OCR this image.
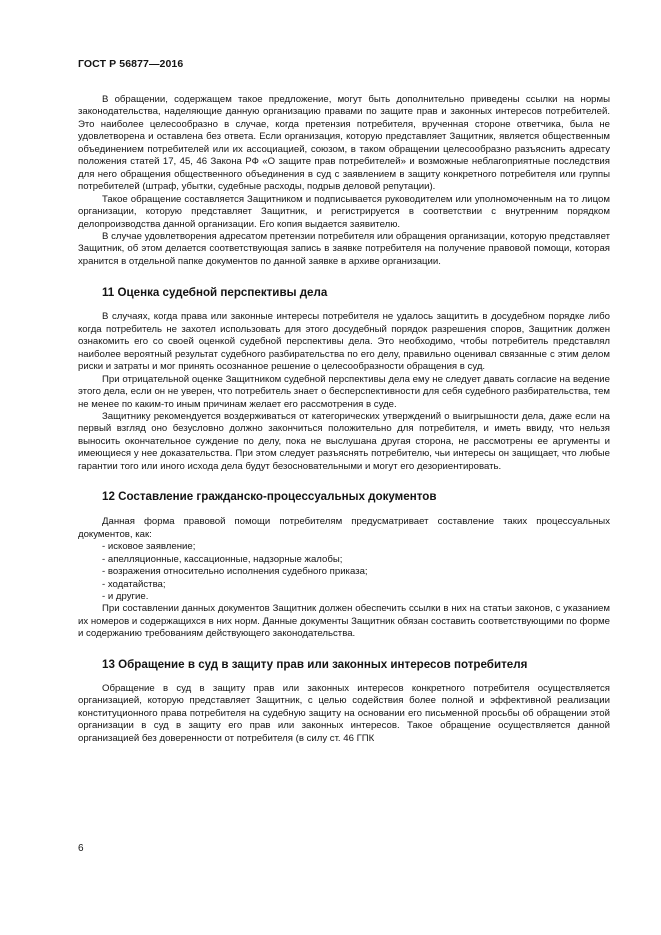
ГОСТ Р 56877—2016

В обращении, содержащем такое предложение, могут быть дополнительно приведены ссылки на нормы законодательства, наделяющие данную организацию правами по защите прав и законных интересов потребителей. Это наиболее целесообразно в случае, когда претензия потребителя, врученная стороне ответчика, была не удовлетворена и оставлена без ответа. Если организация, которую представляет Защитник, является общественным объединением потребителей или их ассоциацией, союзом, в таком обращении целесообразно разъяснить адресату положения статей 17, 45, 46 Закона РФ «О защите прав потребителей» и возможные неблагоприятные последствия для него обращения общественного объединения в суд с заявлением в защиту конкретного потребителя или группы потребителей (штраф, убытки, судебные расходы, подрыв деловой репутации).

Такое обращение составляется Защитником и подписывается руководителем или уполномоченным на то лицом организации, которую представляет Защитник, и регистрируется в соответствии с внутренним порядком делопроизводства данной организации. Его копия выдается заявителю.

В случае удовлетворения адресатом претензии потребителя или обращения организации, которую представляет Защитник, об этом делается соответствующая запись в заявке потребителя на получение правовой помощи, которая хранится в отдельной папке документов по данной заявке в архиве организации.

11 Оценка судебной перспективы дела

В случаях, когда права или законные интересы потребителя не удалось защитить в досудебном порядке либо когда потребитель не захотел использовать для этого досудебный порядок разрешения споров, Защитник должен ознакомить его со своей оценкой судебной перспективы дела. Это необходимо, чтобы потребитель представлял наиболее вероятный результат судебного разбирательства по его делу, правильно оценивал связанные с этим делом риски и затраты и мог принять осознанное решение о целесообразности обращения в суд.

При отрицательной оценке Защитником судебной перспективы дела ему не следует давать согласие на ведение этого дела, если он не уверен, что потребитель знает о бесперспективности для себя судебного разбирательства, тем не менее по каким-то иным причинам желает его рассмотрения в суде.

Защитнику рекомендуется воздерживаться от категорических утверждений о выигрышности дела, даже если на первый взгляд оно безусловно должно закончиться положительно для потребителя, и иметь ввиду, что нельзя выносить окончательное суждение по делу, пока не выслушана другая сторона, не рассмотрены ее аргументы и имеющиеся у нее доказательства. При этом следует разъяснять потребителю, чьи интересы он защищает, что любые гарантии того или иного исхода дела будут безосновательными и могут его дезориентировать.

12 Составление гражданско-процессуальных документов

Данная форма правовой помощи потребителям предусматривает составление таких процессуальных документов, как:

- исковое заявление;
- апелляционные, кассационные, надзорные жалобы;
- возражения относительно исполнения судебного приказа;
- ходатайства;
- и другие.

При составлении данных документов Защитник должен обеспечить ссылки в них на статьи законов, с указанием их номеров и содержащихся в них норм. Данные документы Защитник обязан составить соответствующими по форме и содержанию требованиям действующего законодательства.

13 Обращение в суд в защиту прав или законных интересов потребителя

Обращение в суд в защиту прав или законных интересов конкретного потребителя осуществляется организацией, которую представляет Защитник, с целью содействия более полной и эффективной реализации конституционного права потребителя на судебную защиту на основании его письменной просьбы об обращении этой организации в суд в защиту его прав или законных интересов. Такое обращение осуществляется данной организацией без доверенности от потребителя (в силу ст. 46 ГПК

6
